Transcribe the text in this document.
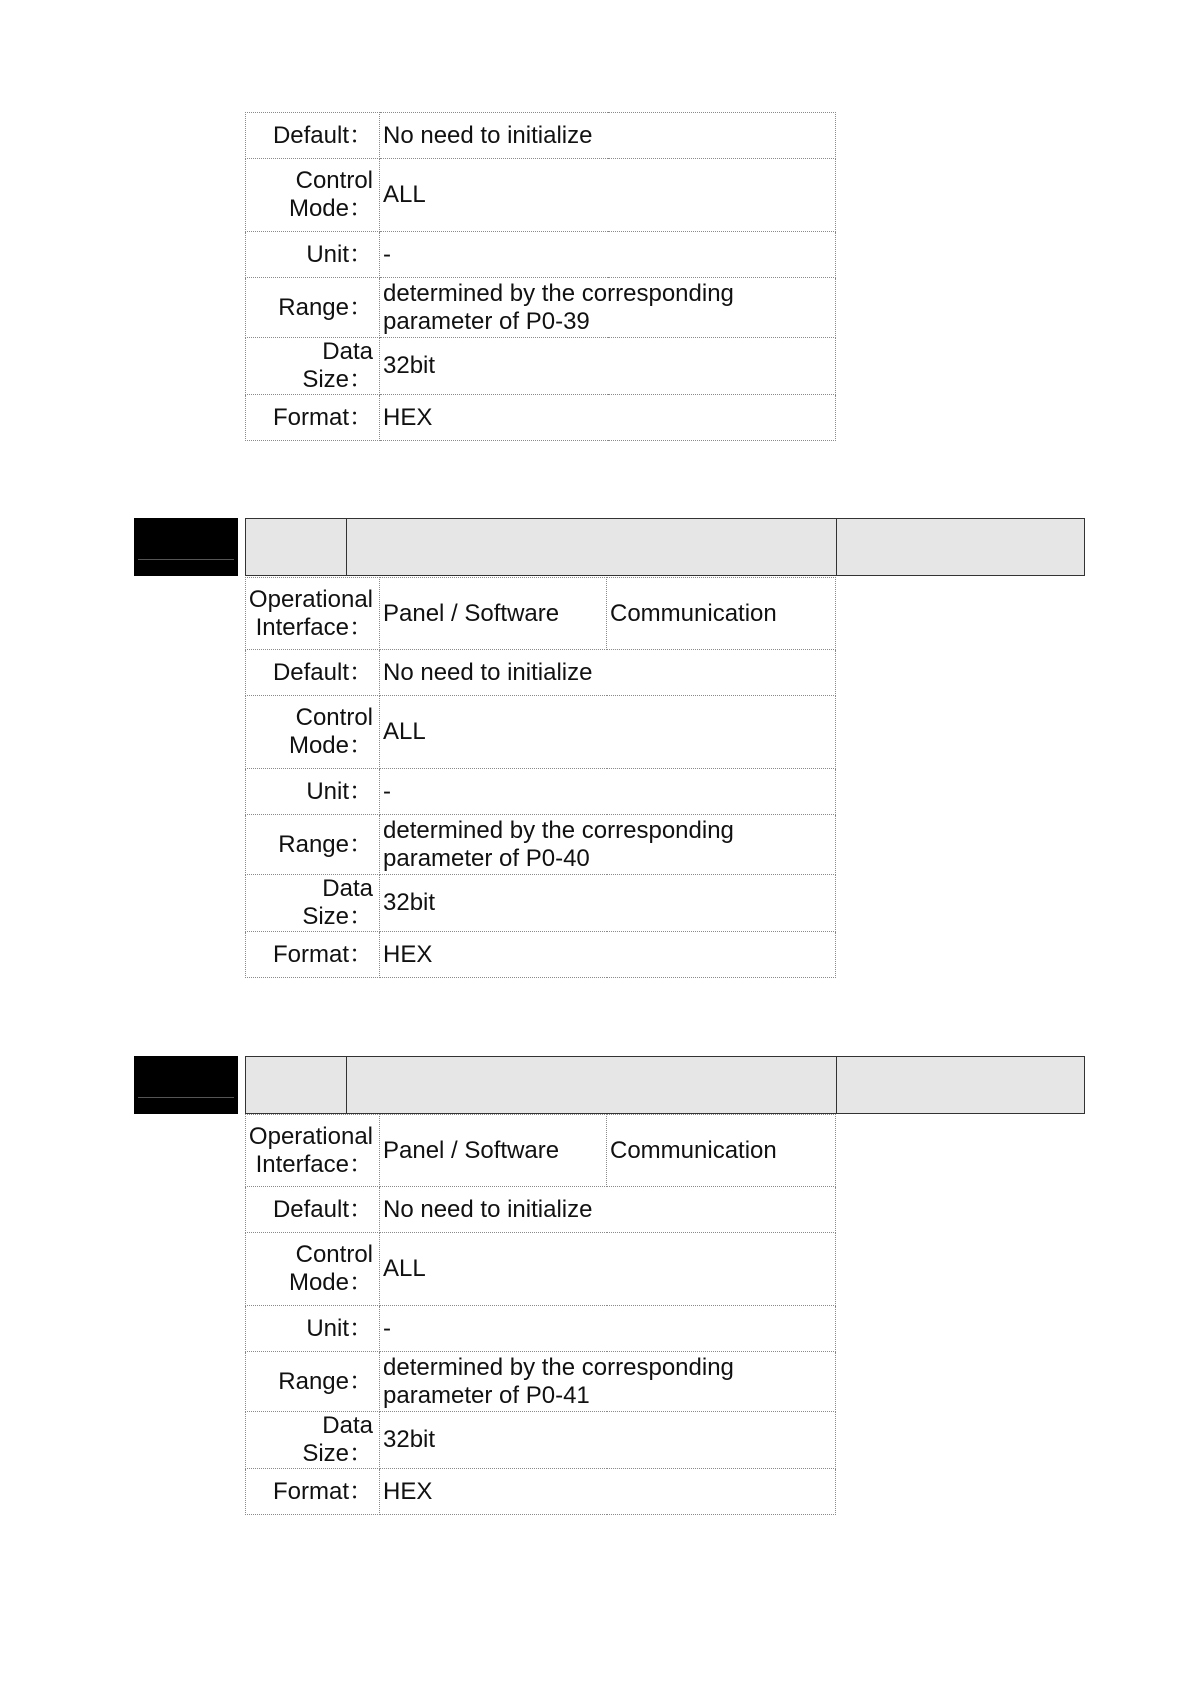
Default：	No need to initialize

Control
Mode：	ALL
Unit：	-
Range：	determined by the corresponding
parameter of P0-39

Data Size：	32bit
Format：	HEX
Operational
Interface：	Panel / Software	Communication
Default：	No need to initialize	

Control
Mode：	ALL	
Unit：	-	
Range：	determined by the corresponding
parameter of P0-40	

Data Size：	32bit	
Format：	HEX	
Operational
Interface：	Panel / Software	Communication
Default：	No need to initialize	

Control
Mode：	ALL	
Unit：	-	
Range：	determined by the corresponding
parameter of P0-41	

Data Size：	32bit	
Format：	HEX	
